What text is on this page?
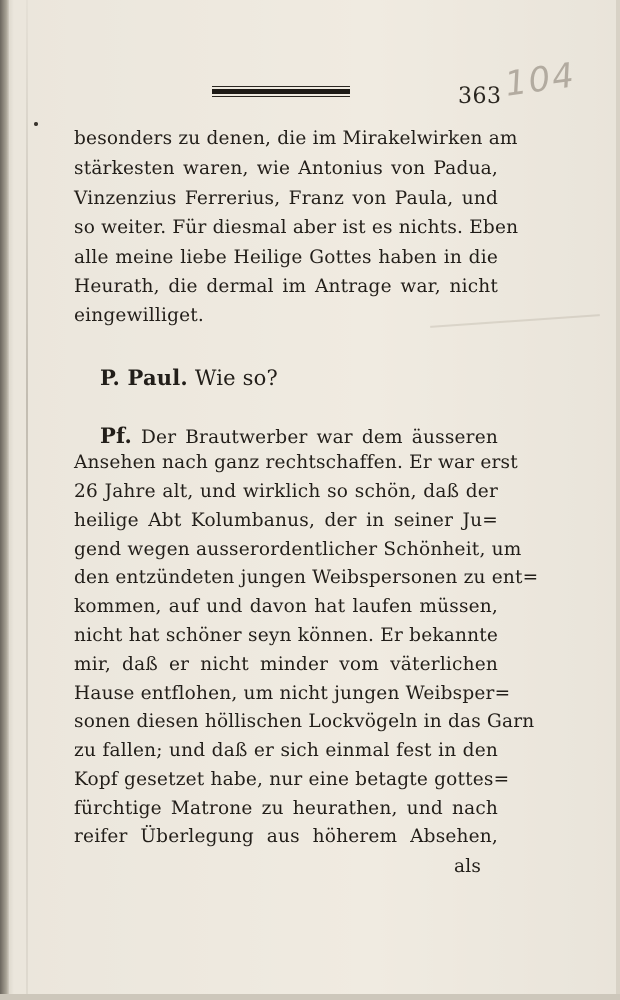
363 104
besonders zu denen, die im Mirakelwirken am
stärkesten waren, wie Antonius von Padua,
Vinzenzius Ferrerius, Franz von Paula, und
so weiter. Für diesmal aber ist es nichts. Eben
alle meine liebe Heilige Gottes haben in die
Heurath, die dermal im Antrage war, nicht
eingewilliget.
P. Paul. Wie so?
Pf. Der Brautwerber war dem äusseren
Ansehen nach ganz rechtschaffen. Er war erst
26 Jahre alt, und wirklich so schön, daß der
heilige Abt Kolumbanus, der in seiner Ju=
gend wegen ausserordentlicher Schönheit, um
den entzündeten jungen Weibspersonen zu ent=
kommen, auf und davon hat laufen müssen,
nicht hat schöner seyn können. Er bekannte
mir, daß er nicht minder vom väterlichen
Hause entflohen, um nicht jungen Weibsper=
sonen diesen höllischen Lockvögeln in das Garn
zu fallen; und daß er sich einmal fest in den
Kopf gesetzet habe, nur eine betagte gottes=
fürchtige Matrone zu heurathen, und nach
reifer Überlegung aus höherem Absehen,
als
